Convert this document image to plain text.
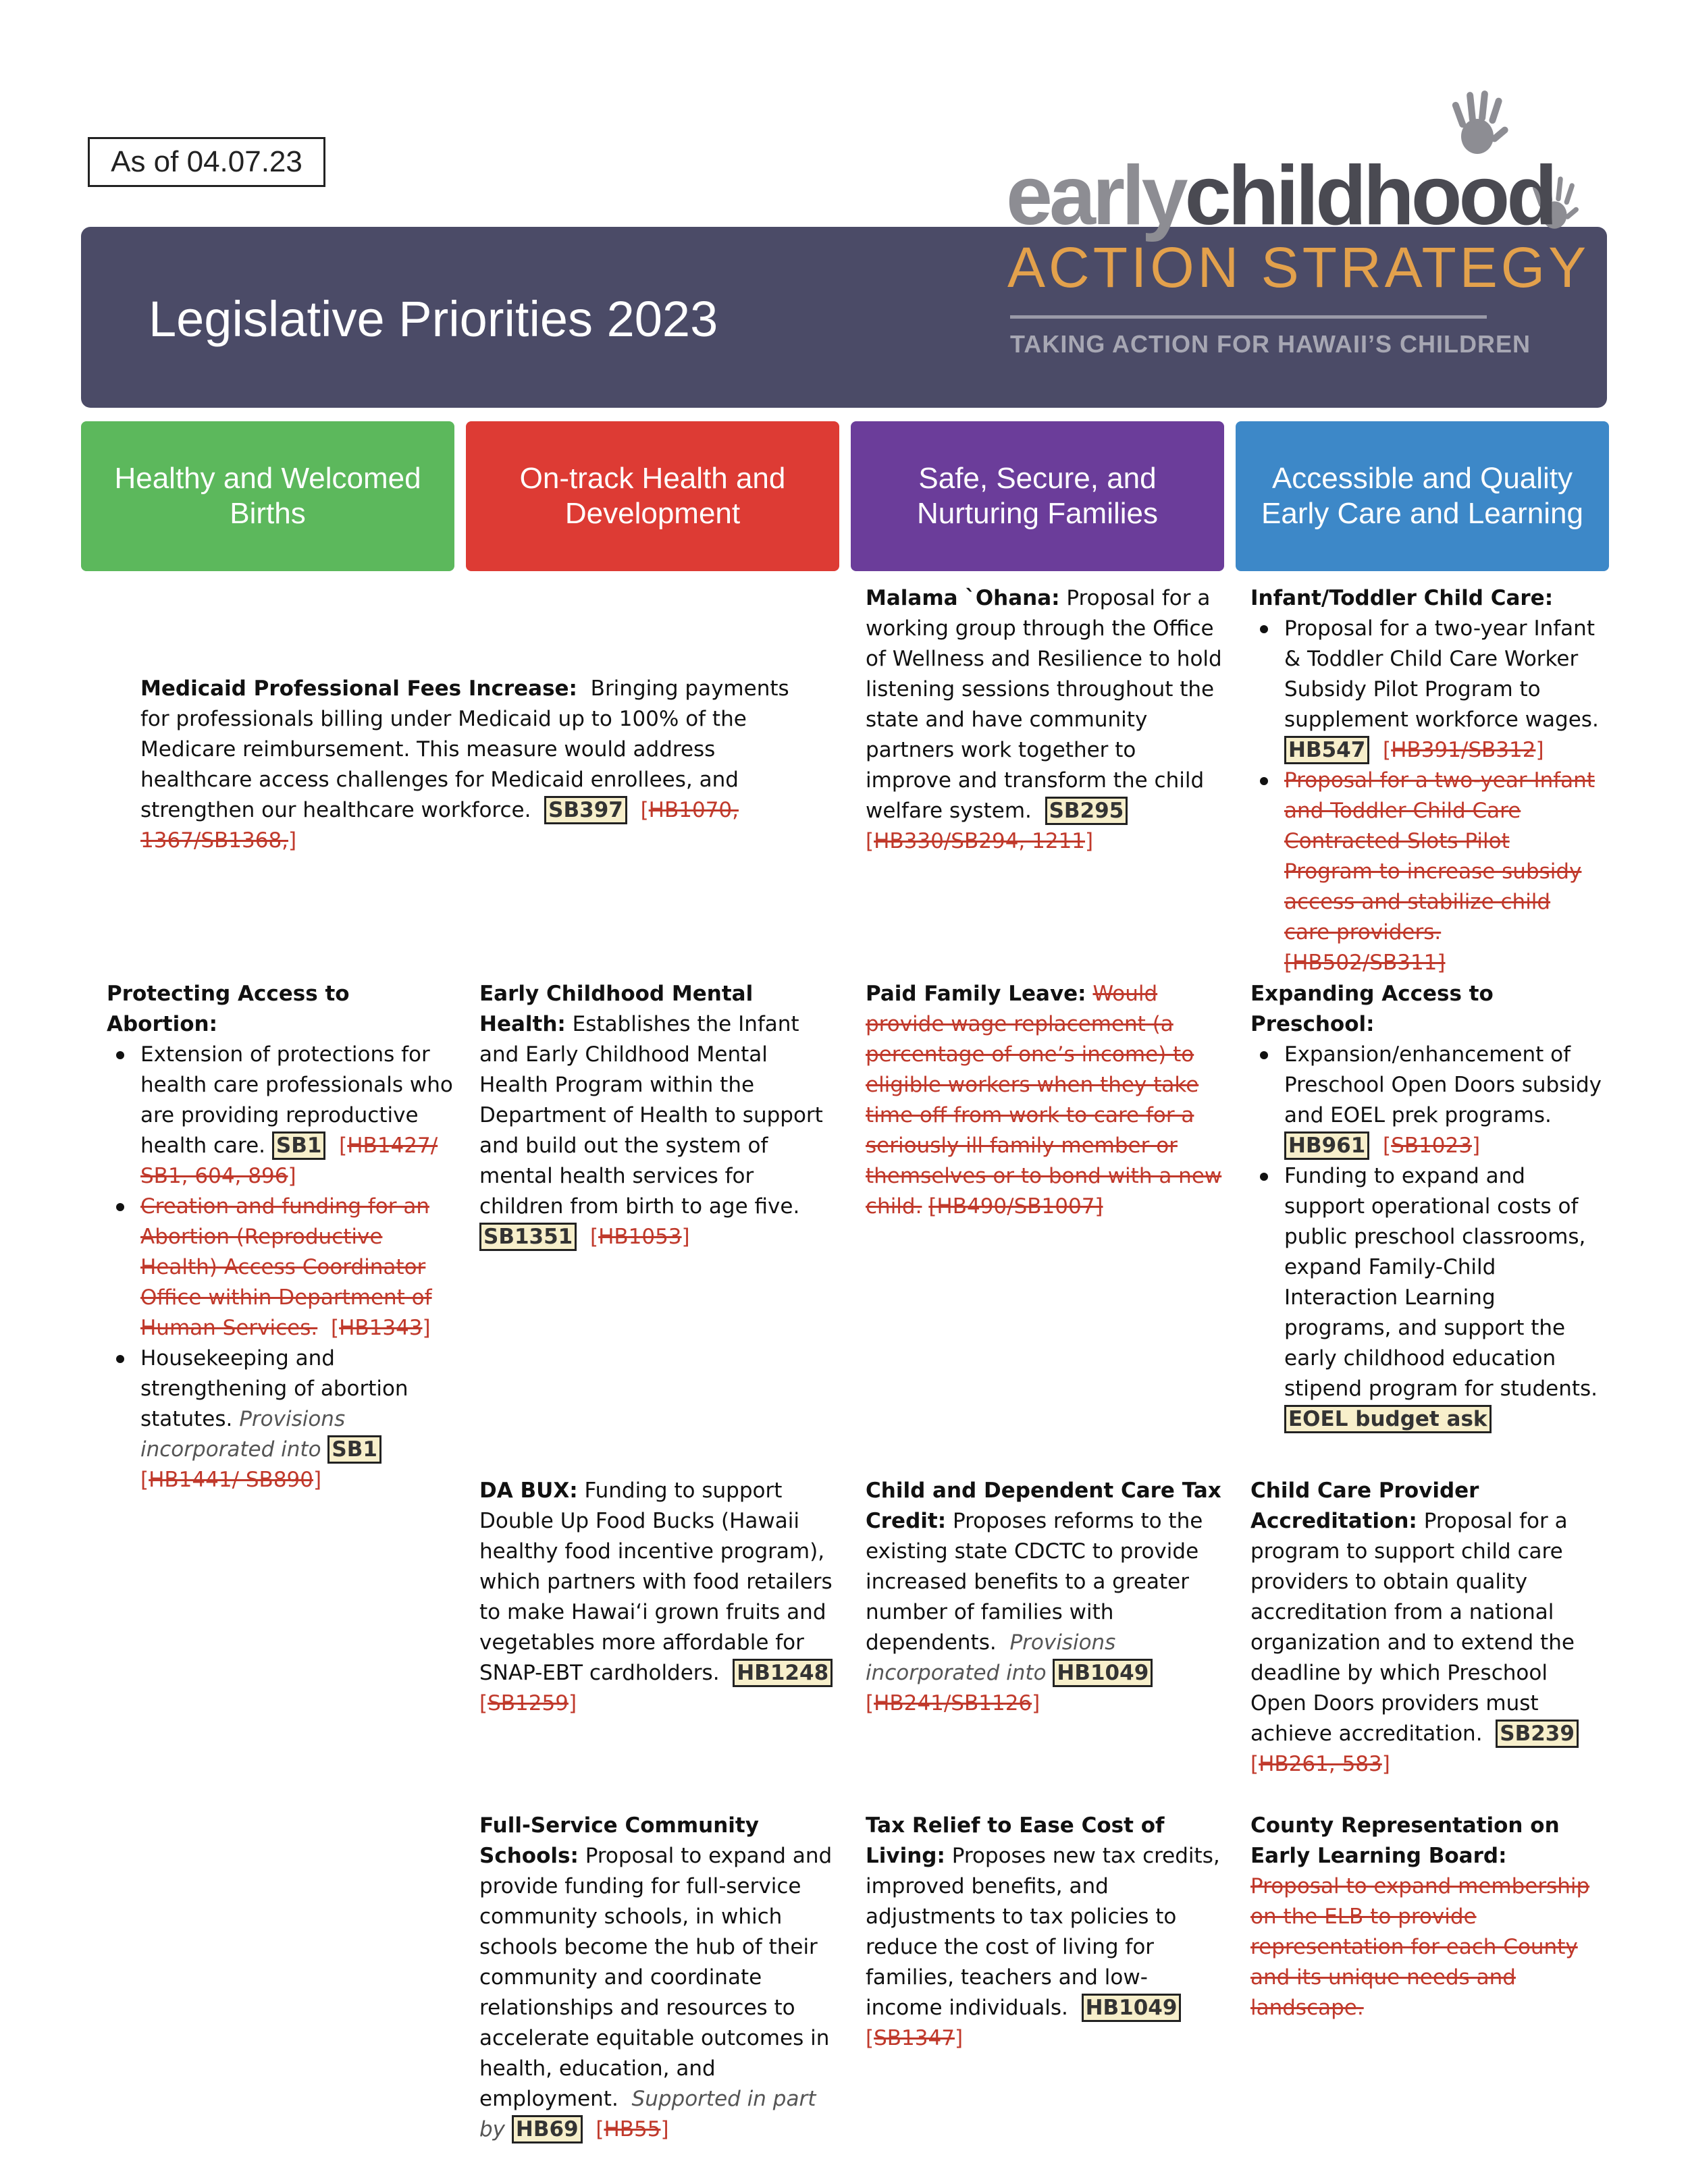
As of 04.07.23
Legislative Priorities 2023
earlychildhood
ACTION STRATEGY
TAKING ACTION FOR HAWAII’S CHILDREN
Healthy and Welcomed Births
On-track Health and Development
Safe, Secure, and Nurturing Families
Accessible and Quality Early Care and Learning
Medicaid Professional Fees Increase: Bringing payments for professionals billing under Medicaid up to 100% of the Medicare reimbursement. This measure would address healthcare access challenges for Medicaid enrollees, and strengthen our healthcare workforce. SB397 [HB1070, 1367/SB1368,]
Malama `Ohana: Proposal for a working group through the Office of Wellness and Resilience to hold listening sessions throughout the state and have community partners work together to improve and transform the child welfare system. SB295  [HB330/SB294, 1211]
Infant/Toddler Child Care:
Proposal for a two-year Infant & Toddler Child Care Worker Subsidy Pilot Program to supplement workforce wages. HB547 [HB391/SB312]
Proposal for a two-year Infant and Toddler Child Care Contracted Slots Pilot Program to increase subsidy access and stabilize child care providers. [HB502/SB311]
Protecting Access to Abortion:
Extension of protections for health care professionals who are providing reproductive health care. SB1 [HB1427/ SB1, 604, 896]
Creation and funding for an Abortion (Reproductive Health) Access Coordinator Office within Department of Human Services. [HB1343]
Housekeeping and strengthening of abortion statutes. Provisions incorporated into SB1 [HB1441/ SB890]
Early Childhood Mental Health: Establishes the Infant and Early Childhood Mental Health Program within the Department of Health to support and build out the system of mental health services for children from birth to age five. SB1351 [HB1053]
Paid Family Leave: Would provide wage replacement (a percentage of one’s income) to eligible workers when they take time off from work to care for a seriously ill family member or themselves or to bond with a new child. [HB490/SB1007]
Expanding Access to Preschool:
Expansion/enhancement of Preschool Open Doors subsidy and EOEL prek programs. HB961 [SB1023]
Funding to expand and support operational costs of public preschool classrooms, expand Family-Child Interaction Learning programs, and support the early childhood education stipend program for students. EOEL budget ask
DA BUX: Funding to support Double Up Food Bucks (Hawaii healthy food incentive program), which partners with food retailers to make Hawaiʻi grown fruits and vegetables more affordable for SNAP-EBT cardholders. HB1248 [SB1259]
Child and Dependent Care Tax Credit: Proposes reforms to the existing state CDCTC to provide increased benefits to a greater number of families with dependents. Provisions incorporated into HB1049 [HB241/SB1126]
Child Care Provider Accreditation: Proposal for a program to support child care providers to obtain quality accreditation from a national organization and to extend the deadline by which Preschool Open Doors providers must achieve accreditation. SB239 [HB261, 583]
Full-Service Community Schools: Proposal to expand and provide funding for full-service community schools, in which schools become the hub of their community and coordinate relationships and resources to accelerate equitable outcomes in health, education, and employment. Supported in part by HB69 [HB55]
Tax Relief to Ease Cost of Living: Proposes new tax credits, improved benefits, and adjustments to tax policies to reduce the cost of living for families, teachers and low-income individuals. HB1049  [SB1347]
County Representation on Early Learning Board: Proposal to expand membership on the ELB to provide representation for each County and its unique needs and landscape.
